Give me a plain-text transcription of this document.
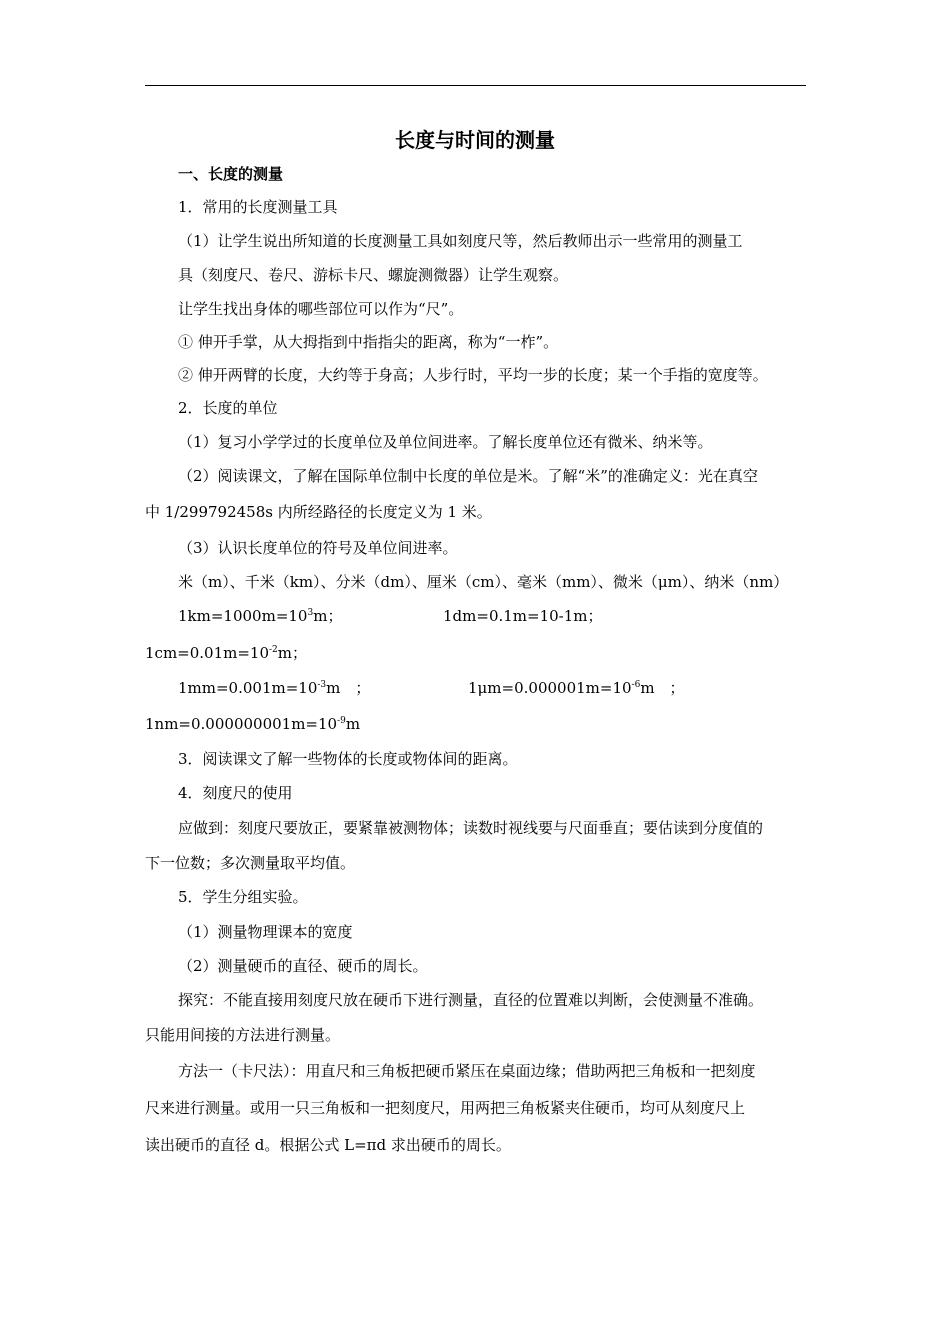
长度与时间的测量
一、长度的测量
1．常用的长度测量工具
（1）让学生说出所知道的长度测量工具如刻度尺等，然后教师出示一些常用的测量工
具（刻度尺、卷尺、游标卡尺、螺旋测微器）让学生观察。
让学生找出身体的哪些部位可以作为“尺”。
① 伸开手掌，从大拇指到中指指尖的距离，称为“一柞”。
② 伸开两臂的长度，大约等于身高；人步行时，平均一步的长度；某一个手指的宽度等。
2．长度的单位
（1）复习小学学过的长度单位及单位间进率。了解长度单位还有微米、纳米等。
（2）阅读课文，了解在国际单位制中长度的单位是米。了解“米”的准确定义：光在真空
中 1/299792458s 内所经路径的长度定义为 1 米。
（3）认识长度单位的符号及单位间进率。
米（m）、千米（km）、分米（dm）、厘米（cm）、毫米（mm）、微米（μm）、纳米（nm）
$1km=1000m=10^3m$；	1dm=0.1m=10-1m；
$1cm=0.01m=10^{-2}m$；
$1mm=0.001m=10^{-3}m$　；	$1\mu m=0.000001m=10^{-6}m$　；
$1nm=0.000000001m=10^{-9}m$
3．阅读课文了解一些物体的长度或物体间的距离。
4．刻度尺的使用
应做到：刻度尺要放正，要紧靠被测物体；读数时视线要与尺面垂直；要估读到分度值的
下一位数；多次测量取平均值。
5．学生分组实验。
（1）测量物理课本的宽度
（2）测量硬币的直径、硬币的周长。
探究：不能直接用刻度尺放在硬币下进行测量，直径的位置难以判断，会使测量不准确。
只能用间接的方法进行测量。
方法一（卡尺法）：用直尺和三角板把硬币紧压在桌面边缘；借助两把三角板和一把刻度
尺来进行测量。或用一只三角板和一把刻度尺，用两把三角板紧夹住硬币，均可从刻度尺上
读出硬币的直径 d。根据公式 L=πd 求出硬币的周长。
